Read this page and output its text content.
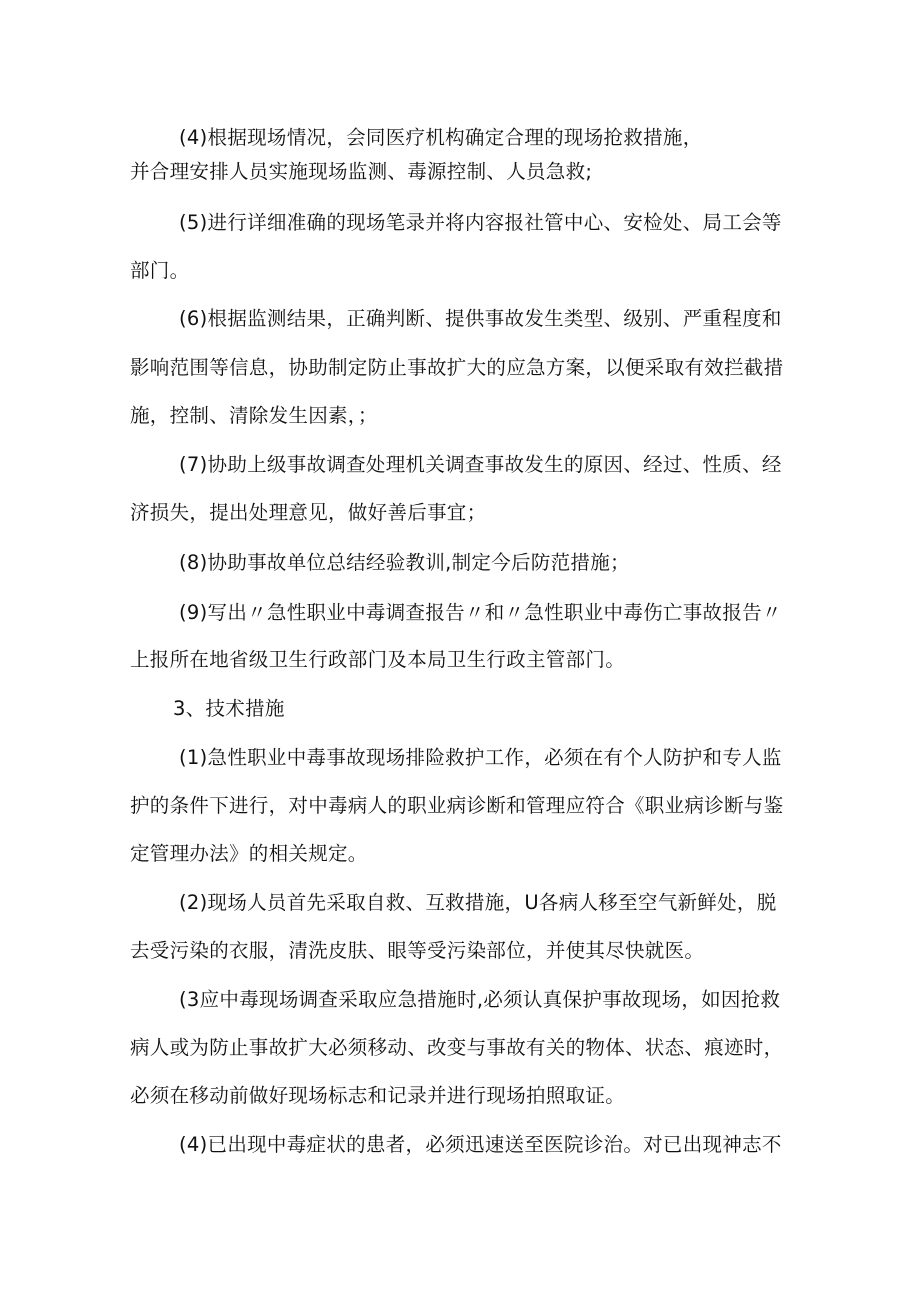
(4)根据现场情况，会同医疗机构确定合理的现场抢救措施，
并合理安排人员实施现场监测、毒源控制、人员急救;
(5)进行详细准确的现场笔录并将内容报社管中心、安检处、局工会等
部门。
(6)根据监测结果，正确判断、提供事故发生类型、级别、严重程度和
影响范围等信息，协助制定防止事故扩大的应急方案，以便采取有效拦截措
施，控制、清除发生因素，；
(7)协助上级事故调查处理机关调查事故发生的原因、经过、性质、经
济损失，提出处理意见，做好善后事宜；
(8)协助事故单位总结经验教训,制定今后防范措施；
(9)写出〃急性职业中毒调查报告〃和〃急性职业中毒伤亡事故报告〃
上报所在地省级卫生行政部门及本局卫生行政主管部门。
3、技术措施
(1)急性职业中毒事故现场排险救护工作，必须在有个人防护和专人监
护的条件下进行，对中毒病人的职业病诊断和管理应符合《职业病诊断与鉴
定管理办法》的相关规定。
(2)现场人员首先采取自救、互救措施，U各病人移至空气新鲜处，脱
去受污染的衣服，清洗皮肤、眼等受污染部位，并使其尽快就医。
(3应中毒现场调查采取应急措施时,必须认真保护事故现场，如因抢救
病人或为防止事故扩大必须移动、改变与事故有关的物体、状态、痕迹时，
必须在移动前做好现场标志和记录并进行现场拍照取证。
(4)已出现中毒症状的患者，必须迅速送至医院诊治。对已出现神志不
